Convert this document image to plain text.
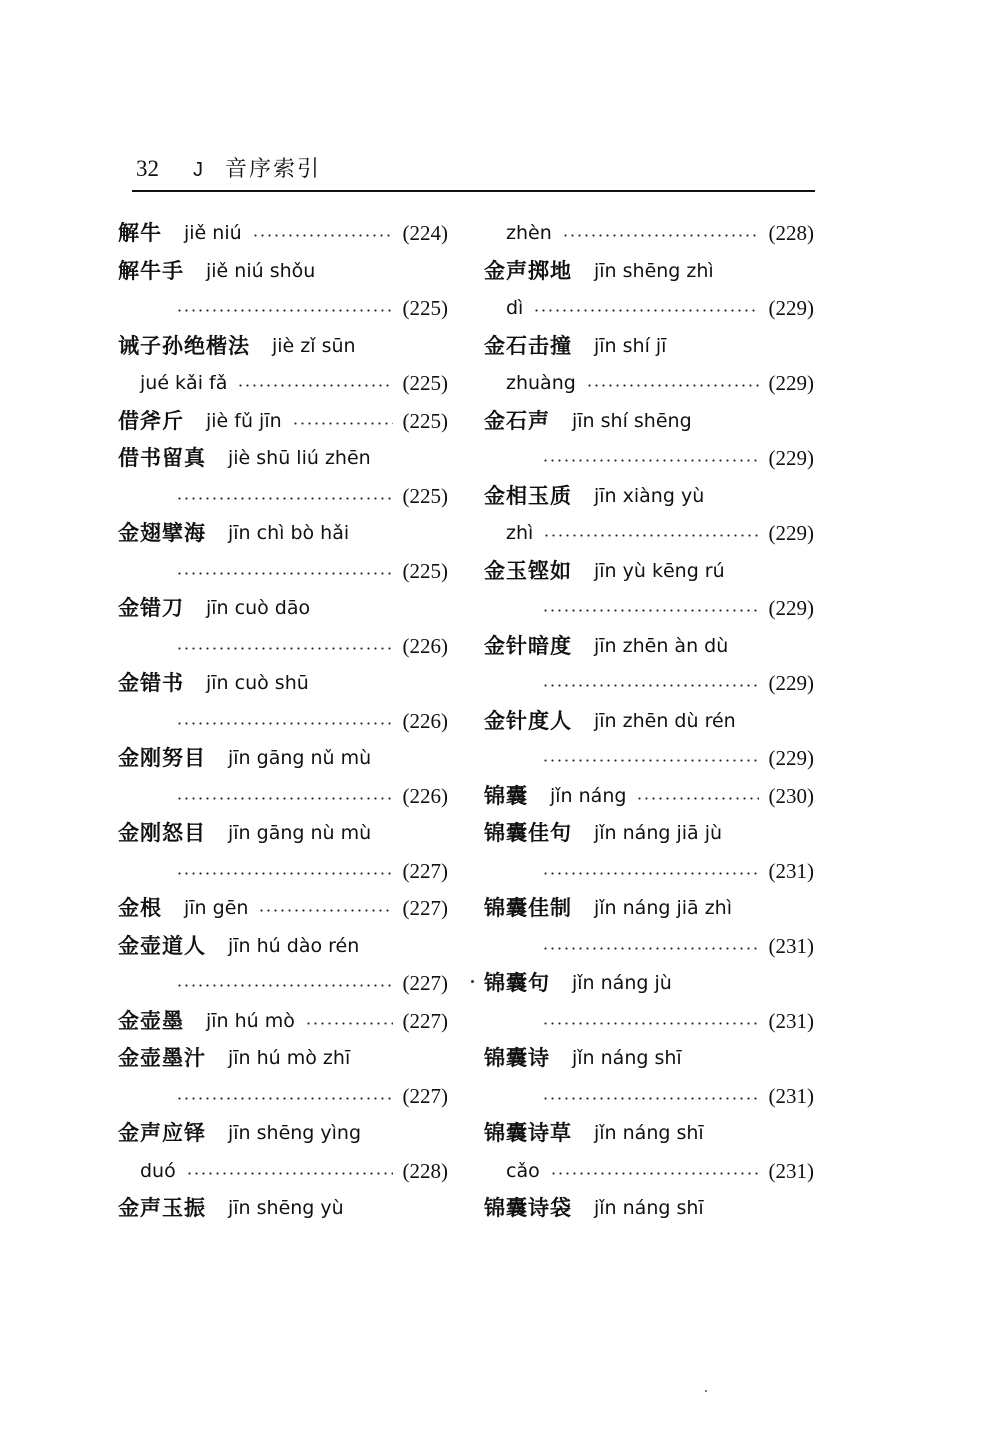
32 J 音序索引
解牛 jiě niú	(224)
解牛手 jiě niú shǒu
(225)
诫子孙绝楷法 jiè zǐ sūn
jué kǎi fǎ	(225)
借斧斤 jiè fǔ jīn	(225)
借书留真 jiè shū liú zhēn
(225)
金翅擘海 jīn chì bò hǎi
(225)
金错刀 jīn cuò dāo
(226)
金错书 jīn cuò shū
(226)
金刚努目 jīn gāng nǔ mù
(226)
金刚怒目 jīn gāng nù mù
(227)
金根 jīn gēn	(227)
金壶道人 jīn hú dào rén
(227)
金壶墨 jīn hú mò	(227)
金壶墨汁 jīn hú mò zhī
(227)
金声应铎 jīn shēng yìng
duó	(228)
金声玉振 jīn shēng yù
zhèn	(228)
金声掷地 jīn shēng zhì
dì	(229)
金石击撞 jīn shí jī
zhuàng	(229)
金石声 jīn shí shēng
(229)
金相玉质 jīn xiàng yù
zhì	(229)
金玉铿如 jīn yù kēng rú
(229)
金针暗度 jīn zhēn àn dù
(229)
金针度人 jīn zhēn dù rén
(229)
锦囊 jǐn náng	(230)
锦囊佳句 jǐn náng jiā jù
(231)
锦囊佳制 jǐn náng jiā zhì
(231)
锦囊句 jǐn náng jù
(231)
锦囊诗 jǐn náng shī
(231)
锦囊诗草 jǐn náng shī
cǎo	(231)
锦囊诗袋 jǐn náng shī
